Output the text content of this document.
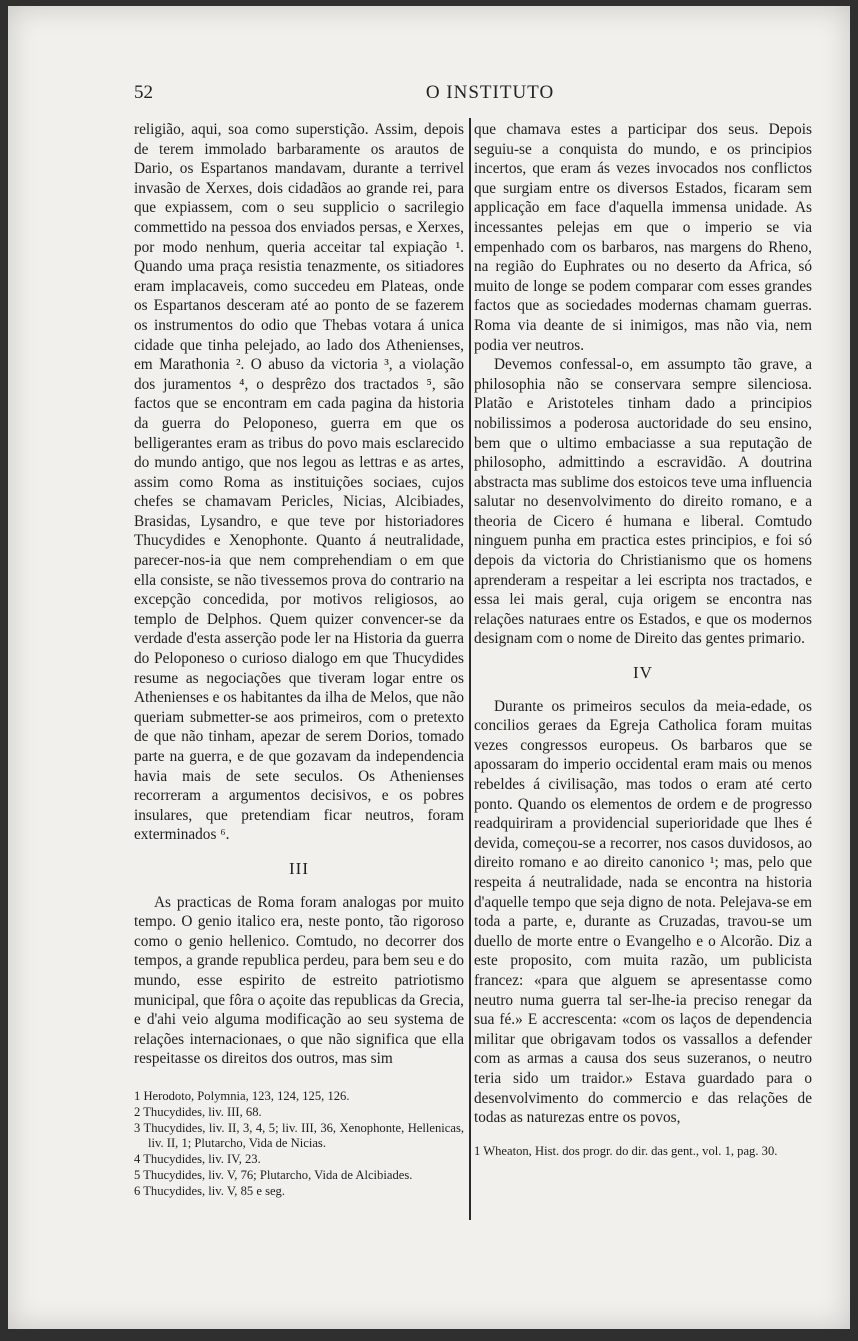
52	O INSTITUTO

religião, aqui, soa como superstição. Assim, depois de terem immolado barbaramente os arautos de Dario, os Espartanos mandavam, durante a terrivel invasão de Xerxes, dois cidadãos ao grande rei, para que expiassem, com o seu supplicio o sacrilegio commettido na pessoa dos enviados persas, e Xerxes, por modo nenhum, queria acceitar tal expiação ¹. Quando uma praça resistia tenazmente, os sitiadores eram implacaveis, como succedeu em Plateas, onde os Espartanos desceram até ao ponto de se fazerem os instrumentos do odio que Thebas votara á unica cidade que tinha pelejado, ao lado dos Athenienses, em Marathonia ². O abuso da victoria ³, a violação dos juramentos ⁴, o desprêzo dos tractados ⁵, são factos que se encontram em cada pagina da historia da guerra do Peloponeso, guerra em que os belligerantes eram as tribus do povo mais esclarecido do mundo antigo, que nos legou as lettras e as artes, assim como Roma as instituições sociaes, cujos chefes se chamavam Pericles, Nicias, Alcibiades, Brasidas, Lysandro, e que teve por historiadores Thucydides e Xenophonte. Quanto á neutralidade, parecer-nos-ia que nem comprehendiam o em que ella consiste, se não tivessemos prova do contrario na excepção concedida, por motivos religiosos, ao templo de Delphos. Quem quizer convencer-se da verdade d'esta asserção pode ler na Historia da guerra do Peloponeso o curioso dialogo em que Thucydides resume as negociações que tiveram logar entre os Athenienses e os habitantes da ilha de Melos, que não queriam submetter-se aos primeiros, com o pretexto de que não tinham, apezar de serem Dorios, tomado parte na guerra, e de que gozavam da independencia havia mais de sete seculos. Os Athenienses recorreram a argumentos decisivos, e os pobres insulares, que pretendiam ficar neutros, foram exterminados ⁶.

III

As practicas de Roma foram analogas por muito tempo. O genio italico era, neste ponto, tão rigoroso como o genio hellenico. Comtudo, no decorrer dos tempos, a grande republica perdeu, para bem seu e do mundo, esse espirito de estreito patriotismo municipal, que fôra o açoite das republicas da Grecia, e d'ahi veio alguma modificação ao seu systema de relações internacionaes, o que não significa que ella respeitasse os direitos dos outros, mas sim

1 Herodoto, Polymnia, 123, 124, 125, 126.
2 Thucydides, liv. III, 68.
3 Thucydides, liv. II, 3, 4, 5; liv. III, 36, Xenophonte, Hellenicas, liv. II, 1; Plutarcho, Vida de Nicias.
4 Thucydides, liv. IV, 23.
5 Thucydides, liv. V, 76; Plutarcho, Vida de Alcibiades.
6 Thucydides, liv. V, 85 e seg.

que chamava estes a participar dos seus. Depois seguiu-se a conquista do mundo, e os principios incertos, que eram ás vezes invocados nos conflictos que surgiam entre os diversos Estados, ficaram sem applicação em face d'aquella immensa unidade. As incessantes pelejas em que o imperio se via empenhado com os barbaros, nas margens do Rheno, na região do Euphrates ou no deserto da Africa, só muito de longe se podem comparar com esses grandes factos que as sociedades modernas chamam guerras. Roma via deante de si inimigos, mas não via, nem podia ver neutros.

Devemos confessal-o, em assumpto tão grave, a philosophia não se conservara sempre silenciosa. Platão e Aristoteles tinham dado a principios nobilissimos a poderosa auctoridade do seu ensino, bem que o ultimo embaciasse a sua reputação de philosopho, admittindo a escravidão. A doutrina abstracta mas sublime dos estoicos teve uma influencia salutar no desenvolvimento do direito romano, e a theoria de Cicero é humana e liberal. Comtudo ninguem punha em practica estes principios, e foi só depois da victoria do Christianismo que os homens aprenderam a respeitar a lei escripta nos tractados, e essa lei mais geral, cuja origem se encontra nas relações naturaes entre os Estados, e que os modernos designam com o nome de Direito das gentes primario.

IV

Durante os primeiros seculos da meia-edade, os concilios geraes da Egreja Catholica foram muitas vezes congressos europeus. Os barbaros que se apossaram do imperio occidental eram mais ou menos rebeldes á civilisação, mas todos o eram até certo ponto. Quando os elementos de ordem e de progresso readquiriram a providencial superioridade que lhes é devida, começou-se a recorrer, nos casos duvidosos, ao direito romano e ao direito canonico ¹; mas, pelo que respeita á neutralidade, nada se encontra na historia d'aquelle tempo que seja digno de nota. Pelejava-se em toda a parte, e, durante as Cruzadas, travou-se um duello de morte entre o Evangelho e o Alcorão. Diz a este proposito, com muita razão, um publicista francez: «para que alguem se apresentasse como neutro numa guerra tal ser-lhe-ia preciso renegar da sua fé.» E accrescenta: «com os laços de dependencia militar que obrigavam todos os vassallos a defender com as armas a causa dos seus suzeranos, o neutro teria sido um traidor.» Estava guardado para o desenvolvimento do commercio e das relações de todas as naturezas entre os povos,

1 Wheaton, Hist. dos progr. do dir. das gent., vol. 1, pag. 30.
